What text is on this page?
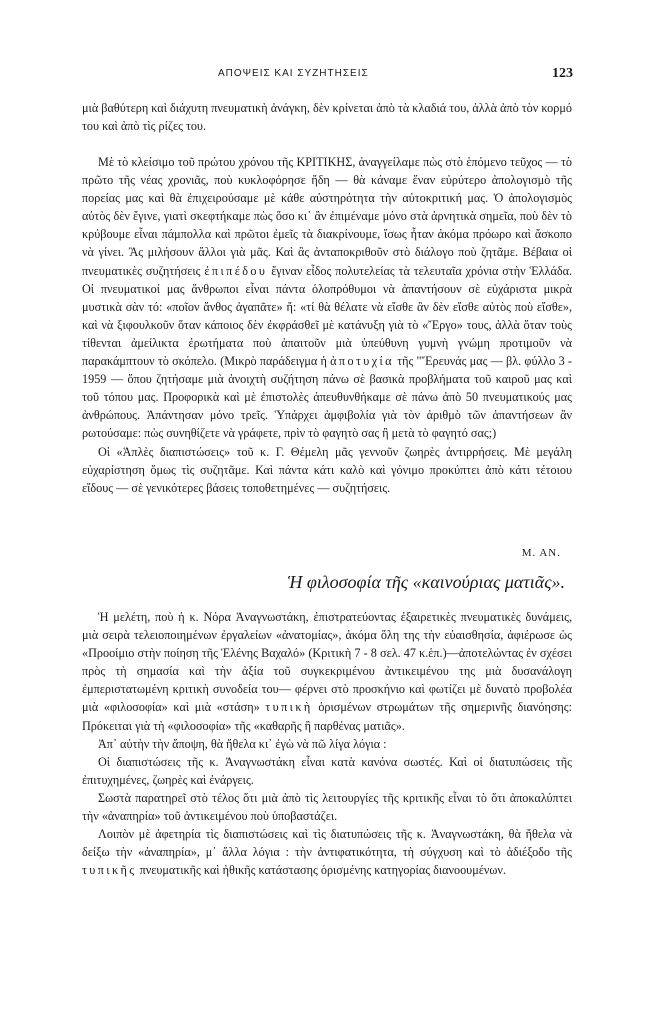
ΑΠΟΨΕΙΣ ΚΑΙ ΣΥΖΗΤΗΣΕΙΣ	123

μιὰ βαθύτερη καὶ διάχυτη πνευματικὴ ἀνάγκη, δὲν κρίνεται ἀπὸ τὰ κλαδιά του, ἀλλὰ ἀπὸ τὸν κορμό του καὶ ἀπὸ τὶς ρίζες του.

Μὲ τὸ κλείσιμο τοῦ πρώτου χρόνου τῆς ΚΡΙΤΙΚΗΣ, ἀναγγείλαμε πὼς στὸ ἑπόμενο τεῦχος — τὸ πρῶτο τῆς νέας χρονιᾶς, ποὺ κυκλοφόρησε ἤδη — θὰ κάναμε ἕναν εὐρύτερο ἀπολογισμὸ τῆς πορείας μας καὶ θὰ ἐπιχειρούσαμε μὲ κάθε αὐστηρότητα τὴν αὐτοκριτική μας. Ὁ ἀπολογισμὸς αὐτὸς δὲν ἔγινε, γιατὶ σκεφτήκαμε πὼς ὅσο κι᾿ ἂν ἐπιμέναμε μόνο στὰ ἀρνητικὰ σημεῖα, ποὺ δὲν τὸ κρύβουμε εἶναι πάμπολλα καὶ πρῶτοι ἐμεῖς τὰ διακρίνουμε, ἴσως ἦταν ἀκόμα πρόωρο καὶ ἄσκοπο νὰ γίνει. Ἂς μιλήσουν ἄλλοι γιὰ μᾶς. Καὶ ἂς ἀνταποκριθοῦν στὸ διάλογο ποὺ ζητᾶμε. Βέβαια οἱ πνευματικὲς συζητήσεις ἐπιπέδου ἔγιναν εἶδος πολυτελείας τὰ τελευταῖα χρόνια στὴν Ἑλλάδα. Οἱ πνευματικοί μας ἄνθρωποι εἶναι πάντα ὁλοπρόθυμοι νὰ ἀπαντήσουν σὲ εὐχάριστα μικρὰ μυστικὰ σὰν τό: «ποῖον ἄνθος ἀγαπᾶτε» ἤ: «τί θὰ θέλατε νὰ εἴσθε ἂν δὲν εἴσθε αὐτὸς ποὺ εἴσθε», καὶ νὰ ξιφουλκοῦν ὅταν κάποιος δὲν ἐκφράσθεῖ μὲ κατάνυξη γιὰ τὸ «Ἔργο» τους, ἀλλὰ ὅταν τοὺς τίθενται ἀμείλικτα ἐρωτήματα ποὺ ἀπαιτοῦν μιὰ ὑπεύθυνη γυμνὴ γνώμη προτιμοῦν νὰ παρακάμπτουν τὸ σκόπελο. (Μικρὸ παράδειγμα ἡ ἀποτυχία τῆς "Ἔρευνάς μας — βλ. φύλλο 3 - 1959 — ὅπου ζητήσαμε μιὰ ἀνοιχτὴ συζήτηση πάνω σὲ βασικὰ προβλήματα τοῦ καιροῦ μας καὶ τοῦ τόπου μας. Προφορικὰ καὶ μὲ ἐπιστολὲς ἀπευθυνθήκαμε σὲ πάνω ἀπὸ 50 πνευματικούς μας ἀνθρώπους. Ἀπάντησαν μόνο τρεῖς. Ὑπάρχει ἀμφιβολία γιὰ τὸν ἀριθμὸ τῶν ἀπαντήσεων ἂν ρωτούσαμε: πὼς συνηθίζετε νὰ γράφετε, πρὶν τὸ φαγητὸ σας ἢ μετὰ τὸ φαγητό σας;)

Οἱ «Ἁπλὲς διαπιστώσεις» τοῦ κ. Γ. Θέμελη μᾶς γεννοῦν ζωηρὲς ἀντιρρήσεις. Μὲ μεγάλη εὐχαρίστηση ὅμως τὶς συζητᾶμε. Καὶ πάντα κάτι καλὸ καὶ γόνιμο προκύπτει ἀπὸ κάτι τέτοιου εἴδους — σὲ γενικότερες βάσεις τοποθετημένες — συζητήσεις.

Μ. ΑΝ.
Ἡ φιλοσοφία τῆς «καινούριας ματιᾶς».

Ἡ μελέτη, ποὺ ἡ κ. Νόρα Ἀναγνωστάκη, ἐπιστρατεύοντας ἐξαιρετικὲς πνευματικὲς δυνάμεις, μιὰ σειρὰ τελειοποιημένων ἐργαλείων «ἀνατομίας», ἀκόμα ὅλη της τὴν εὐαισθησία, ἀφιέρωσε ὡς «Προοίμιο στὴν ποίηση τῆς Ἑλένης Βαχαλό» (Κριτικὴ 7 - 8 σελ. 47 κ.ἑπ.)—ἀποτελώντας ἐν σχέσει πρὸς τὴ σημασία καὶ τὴν ἀξία τοῦ συγκεκριμένου ἀντικειμένου της μιὰ δυσανάλογη ἐμπεριστατωμένη κριτικὴ συνοδεία του— φέρνει στὸ προσκήνιο καὶ φωτίζει μὲ δυνατὸ προβολέα μιὰ «φιλοσοφία» καὶ μιὰ «στάση» τυπικὴ ὁρισμένων στρωμάτων τῆς σημερινῆς διανόησης: Πρόκειται γιὰ τὴ «φιλοσοφία» τῆς «καθαρῆς ἢ παρθένας ματιᾶς».

Ἀπ᾿ αὐτὴν τὴν ἄποψη, θὰ ἤθελα κι᾿ ἐγὼ νὰ πῶ λίγα λόγια :

Οἱ διαπιστώσεις τῆς κ. Ἀναγνωστάκη εἶναι κατὰ κανόνα σωστές. Καὶ οἱ διατυπώσεις τῆς ἐπιτυχημένες, ζωηρὲς καὶ ἐνάργεις.

Σωστὰ παρατηρεῖ στὸ τέλος ὅτι μιὰ ἀπὸ τὶς λειτουργίες τῆς κριτικῆς εἶναι τὸ ὅτι ἀποκαλύπτει τὴν «ἀναπηρία» τοῦ ἀντικειμένου ποὺ ὑποβαστάζει.

Λοιπὸν μὲ ἀφετηρία τὶς διαπιστώσεις καὶ τὶς διατυπώσεις τῆς κ. Ἀναγνωστάκη, θὰ ἤθελα νὰ δείξω τὴν «ἀναπηρία», μ᾿ ἄλλα λόγια : τὴν ἀντιφατικότητα, τὴ σύγχυση καὶ τὸ ἀδιέξοδο τῆς τυπικῆς πνευματικῆς καὶ ἠθικῆς κατάστασης ὁρισμένης κατηγορίας διανοουμένων.
